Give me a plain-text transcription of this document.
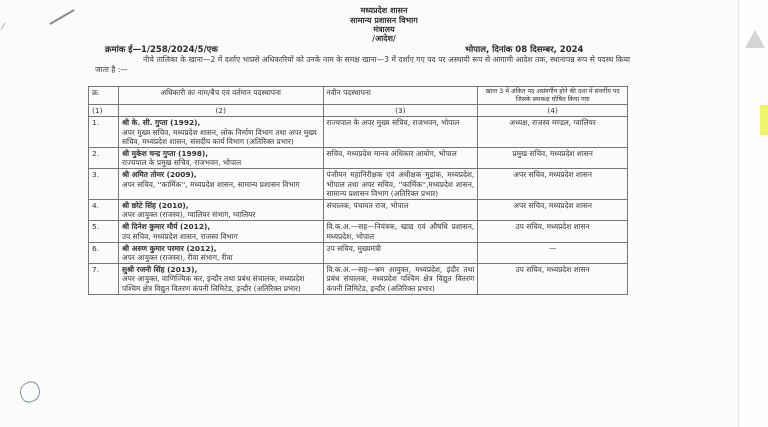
मध्यप्रदेश शासन
सामान्य प्रशासन विभाग
मंत्रालय
/आदेश/
क्रमांक ई—1/258/2024/5/एक	भोपाल, दिनांक 08 दिसम्बर, 2024
नीचे तालिका के खाना—2 में दर्शाए भाप्रसे अधिकारियों को उनके नाम के समक्ष खाना—3 में दर्शाए गए पद पर अस्थायी रूप से आगामी आदेश तक, स्थानापन्न रूप से पदस्थ किया जाता है :—
क्र.	अधिकारी का नाम/बैच एवं वर्तमान पदस्थापना	नवीन पदस्थापना	खाना 3 में अंकित पद असंवर्गीय होने की दशा में संवर्गीय पद जिसके समकक्ष घोषित किया गया
(1)	(2)	(3)	(4)
1.	श्री के. सी. गुप्ता (1992),
अपर मुख्य सचिव, मध्यप्रदेश शासन, लोक निर्माण विभाग तथा अपर मुख्य सचिव, मध्यप्रदेश शासन, संसदीय कार्य विभाग (अतिरिक्त प्रभार)	राज्यपाल के अपर मुख्य सचिव, राजभवन, भोपाल	अध्यक्ष, राजस्व मण्डल, ग्वालियर
2.	श्री मुकेश चन्द्र गुप्ता (1998),
राज्यपाल के प्रमुख सचिव, राजभवन, भोपाल	सचिव, मध्यप्रदेश मानव अधिकार आयोग, भोपाल	प्रमुख सचिव, मध्यप्रदेश शासन
3.	श्री अमित तोमर (2009),
अपर सचिव, ''कार्मिक'', मध्यप्रदेश शासन, सामान्य प्रशासन विभाग	पंजीयन महानिरीक्षक एवं अधीक्षक मुद्रांक, मध्यप्रदेश, भोपाल तथा अपर सचिव, ''कार्मिक'',मध्यप्रदेश शासन, सामान्य प्रशासन विभाग (अतिरिक्त प्रभार)	अपर सचिव, मध्यप्रदेश शासन
4.	श्री छोटे सिंह (2010),
अपर आयुक्त (राजस्व), ग्वालियर संभाग, ग्वालियर	संचालक, पंचायत राज, भोपाल	अपर सचिव, मध्यप्रदेश शासन
5.	श्री दिनेश कुमार मौर्य (2012),
उप सचिव, मध्यप्रदेश शासन, राजस्व विभाग	वि.क.अ.—सह—नियंत्रक, खाद्य एवं औषधि प्रशासन, मध्यप्रदेश, भोपाल	उप सचिव, मध्यप्रदेश शासन
6.	श्री अरुण कुमार परमार (2012),
अपर आयुक्त (राजस्व), रीवा संभाग, रीवा	उप सचिव, मुख्यमंत्री	—
7.	सुश्री रजनी सिंह (2013),
अपर आयुक्त, वाणिज्यिक कर, इन्दौर तथा प्रबंध संचालक, मध्यप्रदेश पश्चिम क्षेत्र विद्युत वितरण कंपनी लिमिटेड, इन्दौर (अतिरिक्त प्रभार)	वि.क.अ.—सह—श्रम आयुक्त, मध्यप्रदेश, इंदौर तथा प्रबंध संचालक, मध्यप्रदेश पश्चिम क्षेत्र विद्युत वितरण कंपनी लिमिटेड, इन्दौर (अतिरिक्त प्रभार)	उप सचिव, मध्यप्रदेश शासन
